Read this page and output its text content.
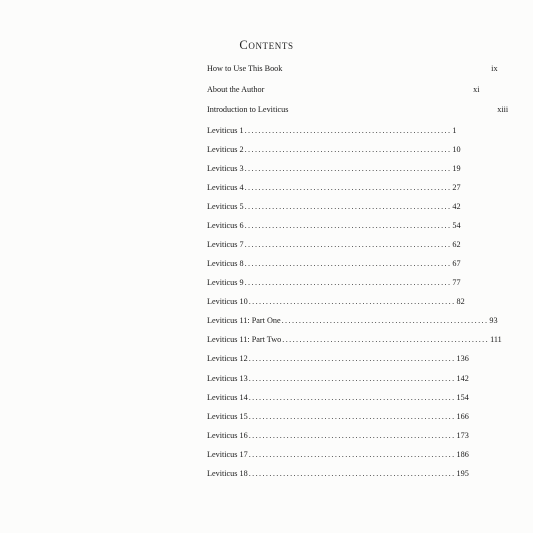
Contents
How to Use This Book	ix
About the Author	xi
Introduction to Leviticus	xiii
Leviticus 1 ............................................................ 1
Leviticus 2 ............................................................ 10
Leviticus 3 ............................................................ 19
Leviticus 4 ............................................................ 27
Leviticus 5 ............................................................ 42
Leviticus 6 ............................................................ 54
Leviticus 7 ............................................................ 62
Leviticus 8 ............................................................ 67
Leviticus 9 ............................................................ 77
Leviticus 10 ............................................................ 82
Leviticus 11: Part One ............................................................ 93
Leviticus 11: Part Two ............................................................ 111
Leviticus 12 ............................................................ 136
Leviticus 13 ............................................................ 142
Leviticus 14 ............................................................ 154
Leviticus 15 ............................................................ 166
Leviticus 16 ............................................................ 173
Leviticus 17 ............................................................ 186
Leviticus 18 ............................................................ 195
